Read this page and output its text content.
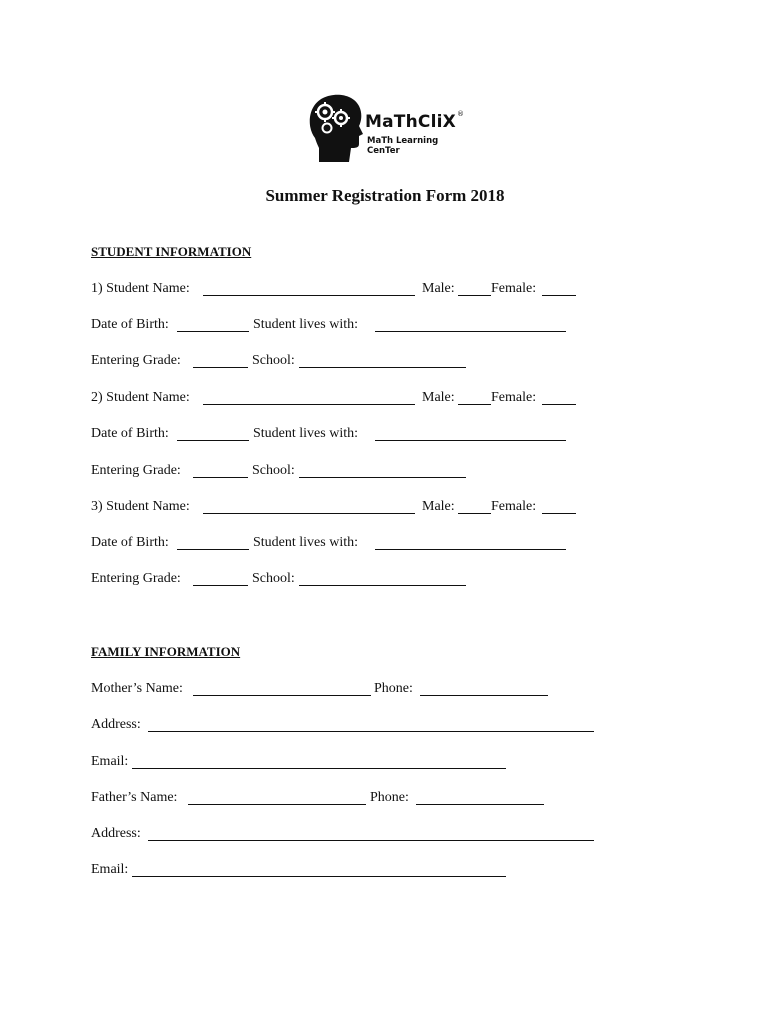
MaThCliX ®
MaTh Learning CenTer
Summer Registration Form 2018
STUDENT INFORMATION
1) Student Name:	Male:	Female:
Date of Birth:	Student lives with:
Entering Grade:	School:
2) Student Name:	Male:	Female:
Date of Birth:	Student lives with:
Entering Grade:	School:
3) Student Name:	Male:	Female:
Date of Birth:	Student lives with:
Entering Grade:	School:
FAMILY INFORMATION
Mother’s Name:	Phone:
Address:
Email:
Father’s Name:	Phone:
Address:
Email:
